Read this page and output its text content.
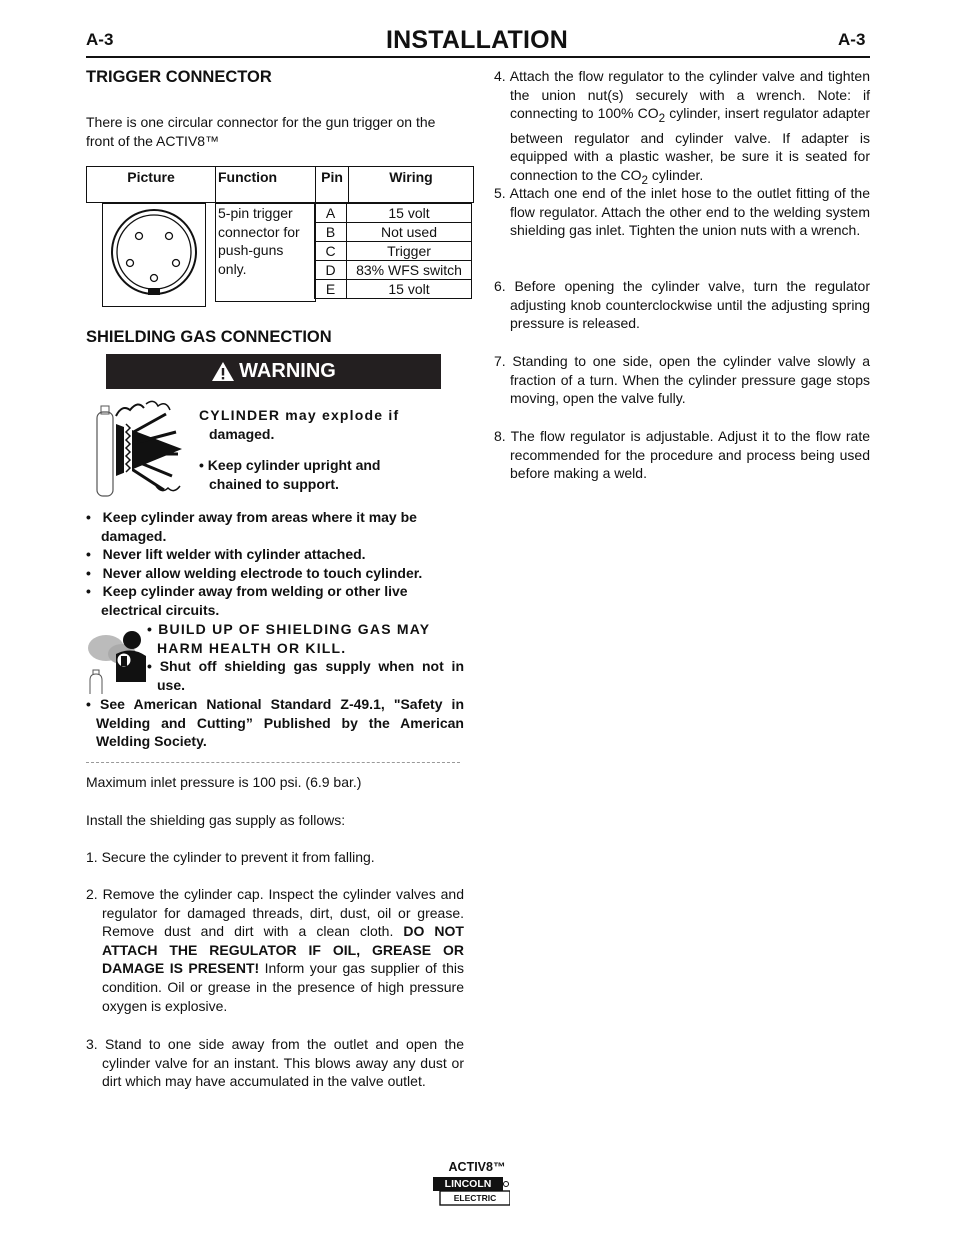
A-3	A-3
INSTALLATION
TRIGGER CONNECTOR
There is one circular connector for the gun trigger on the front of the ACTIV8™
Picture	Function	Pin	Wiring
5-pin trigger
connector for
push-guns
only.
A	15 volt
B	Not used
C	Trigger
D	83% WFS switch
E	15 volt
SHIELDING GAS CONNECTION
WARNING
CYLINDER may explode if
damaged.
• Keep cylinder upright and
chained to support.
•   Keep cylinder away from areas where it may be damaged.
•   Never lift welder with cylinder attached.
•   Never allow welding electrode to touch cylinder.
•   Keep cylinder away from welding or other live electrical circuits.
• BUILD UP OF SHIELDING GAS MAY HARM HEALTH OR KILL.
• Shut off shielding gas supply when not in use.
• See American National Standard Z-49.1, "Safety in Welding and Cutting” Published by the American Welding Society.
Maximum inlet pressure is 100 psi. (6.9 bar.)
Install the shielding gas supply as follows:
1. Secure the cylinder to prevent it from falling.
2. Remove the cylinder cap. Inspect the cylinder valves and regulator for damaged threads, dirt, dust, oil or grease. Remove dust and dirt with a clean cloth. DO NOT ATTACH THE REGULATOR IF OIL, GREASE OR DAMAGE IS PRESENT! Inform your gas supplier of this condition. Oil or grease in the presence of high pressure oxygen is explosive.
3. Stand to one side away from the outlet and open the cylinder valve for an instant. This blows away any dust or dirt which may have accumulated in the valve outlet.
4. Attach the flow regulator to the cylinder valve and tighten the union nut(s) securely with a wrench. Note: if connecting to 100% $CO_2$ cylinder, insert regulator adapter between regulator and cylinder valve. If adapter is equipped with a plastic washer, be sure it is seated for connection to the $CO_2$ cylinder.
5. Attach one end of the inlet hose to the outlet fitting of the flow regulator. Attach the other end to the welding system shielding gas inlet. Tighten the union nuts with a wrench.
6. Before opening the cylinder valve, turn the regulator adjusting knob counterclockwise until the adjusting spring pressure is released.
7. Standing to one side, open the cylinder valve slowly a fraction of a turn. When the cylinder pressure gage stops moving, open the valve fully.
8. The flow regulator is adjustable. Adjust it to the flow rate recommended for the procedure and process being used before making a weld.
ACTIV8™
LINCOLN
ELECTRIC
